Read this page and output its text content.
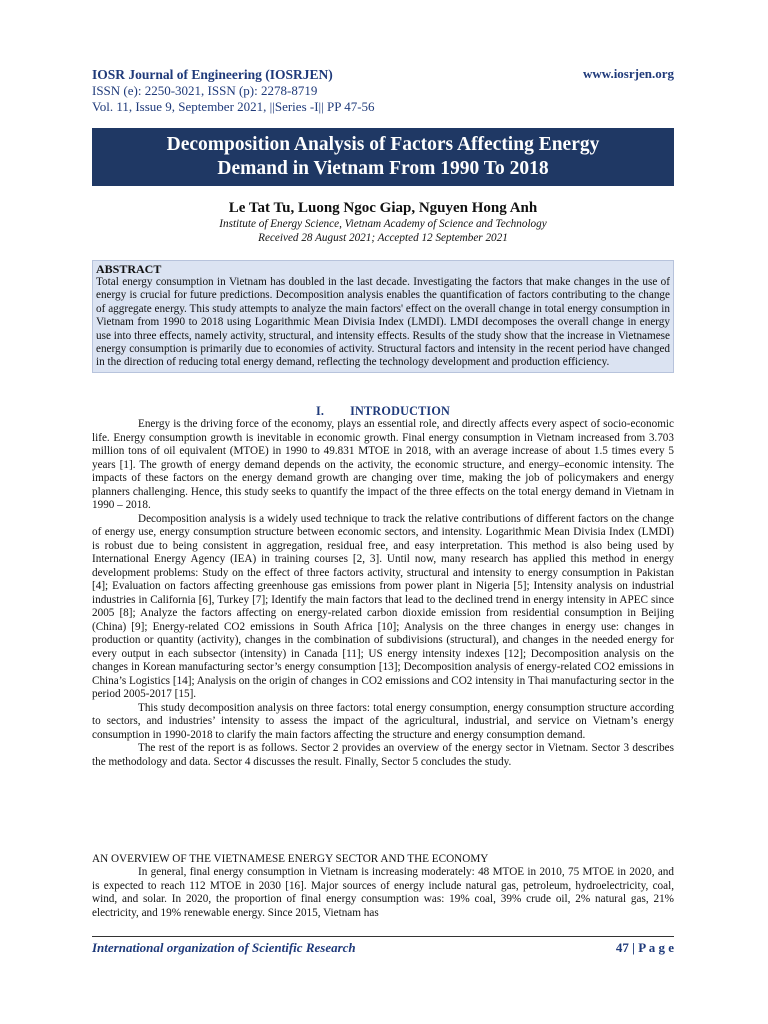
IOSR Journal of Engineering (IOSRJEN)
ISSN (e): 2250-3021, ISSN (p): 2278-8719
Vol. 11, Issue 9, September 2021, ||Series -I|| PP 47-56
www.iosrjen.org
Decomposition Analysis of Factors Affecting Energy
Demand in Vietnam From 1990 To 2018
Le Tat Tu, Luong Ngoc Giap, Nguyen Hong Anh
Institute of Energy Science, Vietnam Academy of Science and Technology
Received 28 August 2021; Accepted 12 September 2021
ABSTRACT
Total energy consumption in Vietnam has doubled in the last decade. Investigating the factors that make changes in the use of energy is crucial for future predictions. Decomposition analysis enables the quantification of factors contributing to the change of aggregate energy. This study attempts to analyze the main factors' effect on the overall change in total energy consumption in Vietnam from 1990 to 2018 using Logarithmic Mean Divisia Index (LMDI). LMDI decomposes the overall change in energy use into three effects, namely activity, structural, and intensity effects. Results of the study show that the increase in Vietnamese energy consumption is primarily due to economies of activity. Structural factors and intensity in the recent period have changed in the direction of reducing total energy demand, reflecting the technology development and production efficiency.
I.        INTRODUCTION

Energy is the driving force of the economy, plays an essential role, and directly affects every aspect of socio-economic life. Energy consumption growth is inevitable in economic growth. Final energy consumption in Vietnam increased from 3.703 million tons of oil equivalent (MTOE) in 1990 to 49.831 MTOE in 2018, with an average increase of about 1.5 times every 5 years [1]. The growth of energy demand depends on the activity, the economic structure, and energy–economic intensity. The impacts of these factors on the energy demand growth are changing over time, making the job of policymakers and energy planners challenging. Hence, this study seeks to quantify the impact of the three effects on the total energy demand in Vietnam in 1990 – 2018.

Decomposition analysis is a widely used technique to track the relative contributions of different factors on the change of energy use, energy consumption structure between economic sectors, and intensity. Logarithmic Mean Divisia Index (LMDI) is robust due to being consistent in aggregation, residual free, and easy interpretation. This method is also being used by International Energy Agency (IEA) in training courses [2, 3]. Until now, many research has applied this method in energy development problems: Study on the effect of three factors activity, structural and intensity to energy consumption in Pakistan [4]; Evaluation on factors affecting greenhouse gas emissions from power plant in Nigeria [5]; Intensity analysis on industrial industries in California [6], Turkey [7]; Identify the main factors that lead to the declined trend in energy intensity in APEC since 2005 [8]; Analyze the factors affecting on energy-related carbon dioxide emission from residential consumption in Beijing (China) [9]; Energy-related CO2 emissions in South Africa [10]; Analysis on the three changes in energy use: changes in production or quantity (activity), changes in the combination of subdivisions (structural), and changes in the needed energy for every output in each subsector (intensity) in Canada [11]; US energy intensity indexes [12]; Decomposition analysis on the changes in Korean manufacturing sector’s energy consumption [13]; Decomposition analysis of energy-related CO2 emissions in China’s Logistics [14]; Analysis on the origin of changes in CO2 emissions and CO2 intensity in Thai manufacturing sector in the period 2005-2017 [15].

This study decomposition analysis on three factors: total energy consumption, energy consumption structure according to sectors, and industries’ intensity to assess the impact of the agricultural, industrial, and service on Vietnam’s energy consumption in 1990-2018 to clarify the main factors affecting the structure and energy consumption demand.

The rest of the report is as follows. Sector 2 provides an overview of the energy sector in Vietnam. Sector 3 describes the methodology and data. Sector 4 discusses the result. Finally, Sector 5 concludes the study.

AN OVERVIEW OF THE VIETNAMESE ENERGY SECTOR AND THE ECONOMY

In general, final energy consumption in Vietnam is increasing moderately: 48 MTOE in 2010, 75 MTOE in 2020, and is expected to reach 112 MTOE in 2030 [16]. Major sources of energy include natural gas, petroleum, hydroelectricity, coal, wind, and solar. In 2020, the proportion of final energy consumption was: 19% coal, 39% crude oil, 2% natural gas, 21% electricity, and 19% renewable energy. Since 2015, Vietnam has

International organization of Scientific Research	47 | P a g e
